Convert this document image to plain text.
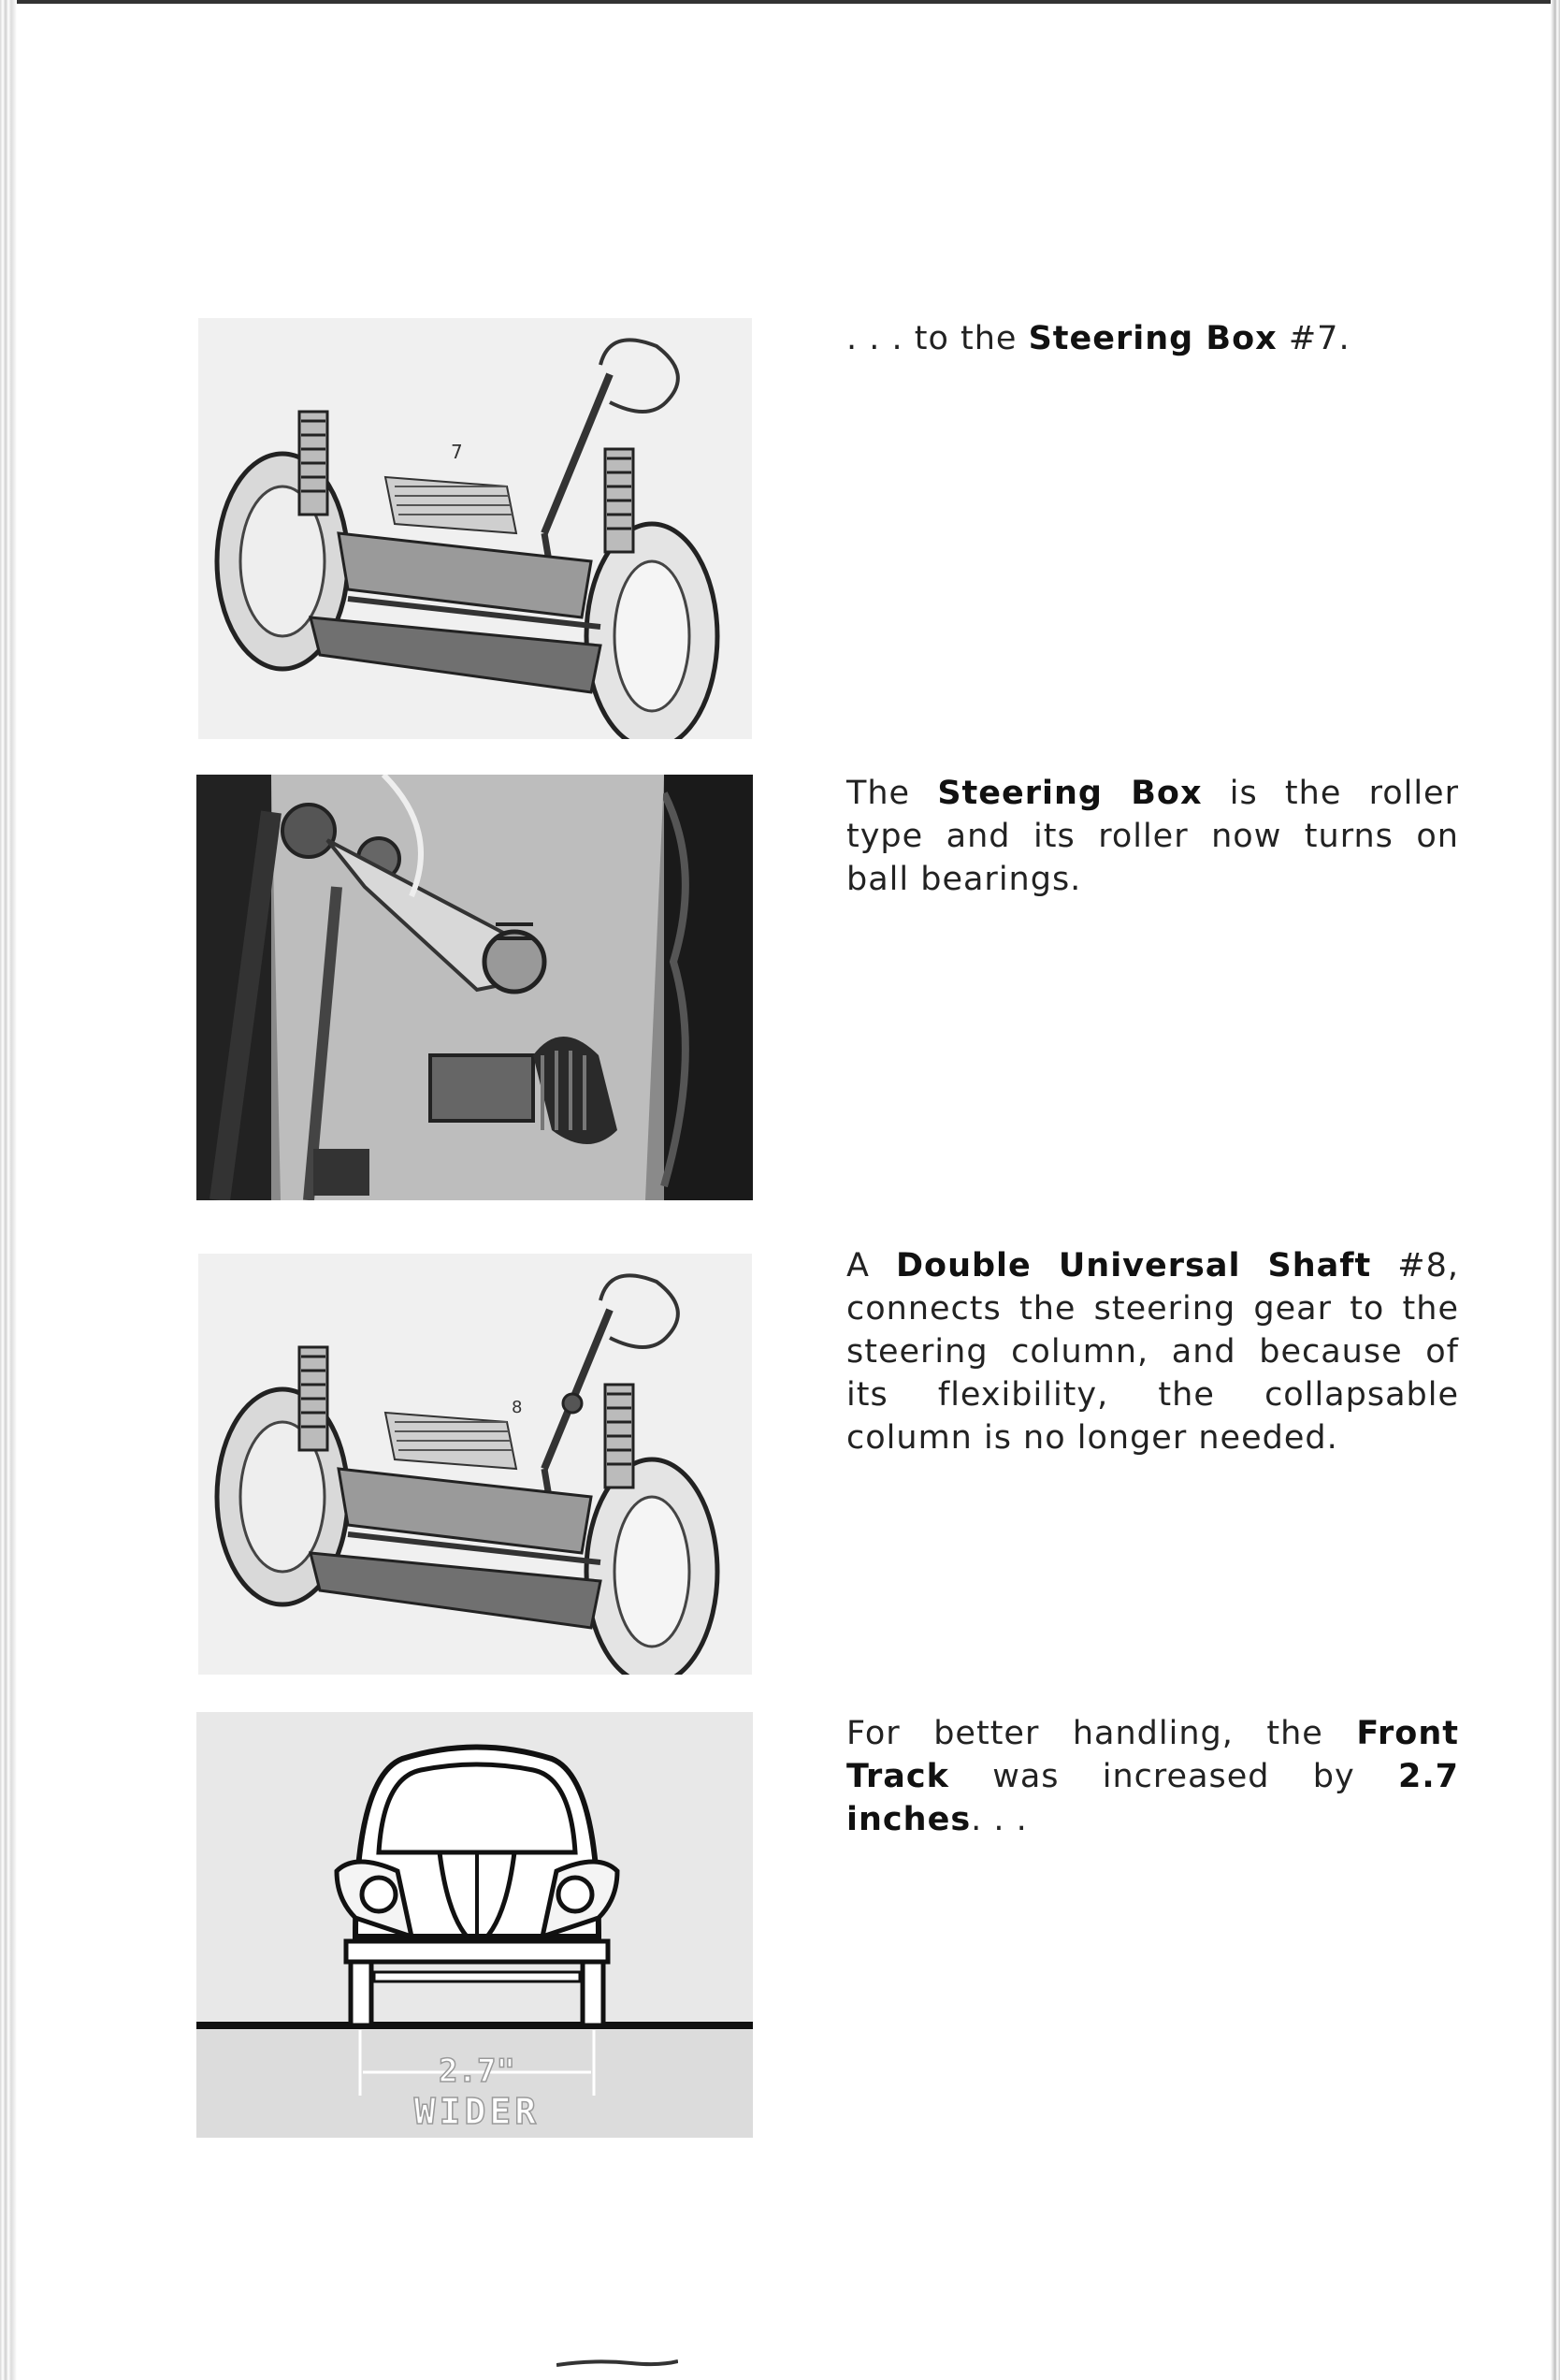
7
. . . to the Steering Box #7.
The Steering Box is the roller type and its roller now turns on ball bearings.
8
A Double Universal Shaft #8, connects the steering gear to the steering column, and because of its flexibility, the collapsable column is no longer needed.
2.7"
WIDER
For better handling, the Front Track was increased by 2.7 inches. . .
